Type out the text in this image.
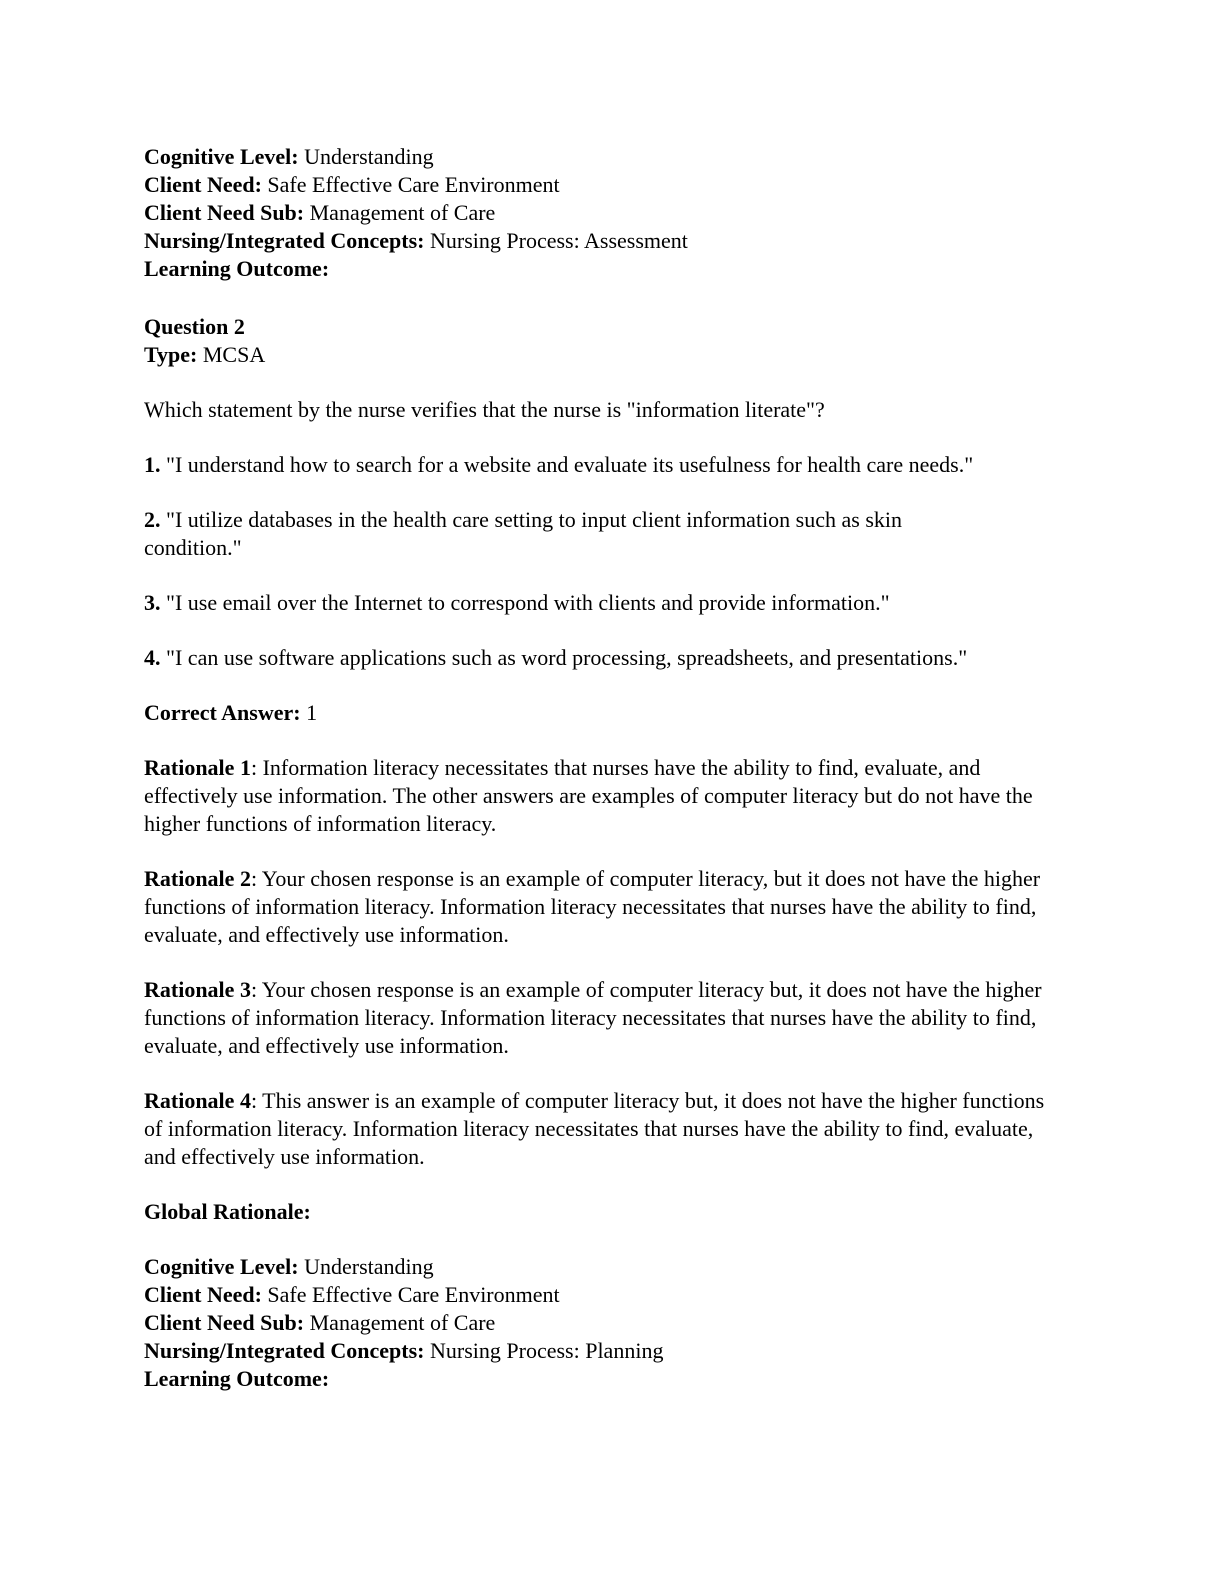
Cognitive Level: Understanding
Client Need: Safe Effective Care Environment
Client Need Sub: Management of Care
Nursing/Integrated Concepts: Nursing Process: Assessment
Learning Outcome:
Question 2
Type: MCSA
Which statement by the nurse verifies that the nurse is "information literate"?
1. "I understand how to search for a website and evaluate its usefulness for health care needs."
2. "I utilize databases in the health care setting to input client information such as skin condition."
3. "I use email over the Internet to correspond with clients and provide information."
4. "I can use software applications such as word processing, spreadsheets, and presentations."
Correct Answer: 1
Rationale 1: Information literacy necessitates that nurses have the ability to find, evaluate, and effectively use information. The other answers are examples of computer literacy but do not have the higher functions of information literacy.
Rationale 2: Your chosen response is an example of computer literacy, but it does not have the higher functions of information literacy. Information literacy necessitates that nurses have the ability to find, evaluate, and effectively use information.
Rationale 3: Your chosen response is an example of computer literacy but, it does not have the higher functions of information literacy. Information literacy necessitates that nurses have the ability to find, evaluate, and effectively use information.
Rationale 4: This answer is an example of computer literacy but, it does not have the higher functions of information literacy. Information literacy necessitates that nurses have the ability to find, evaluate, and effectively use information.
Global Rationale:
Cognitive Level: Understanding
Client Need: Safe Effective Care Environment
Client Need Sub: Management of Care
Nursing/Integrated Concepts: Nursing Process: Planning
Learning Outcome:
